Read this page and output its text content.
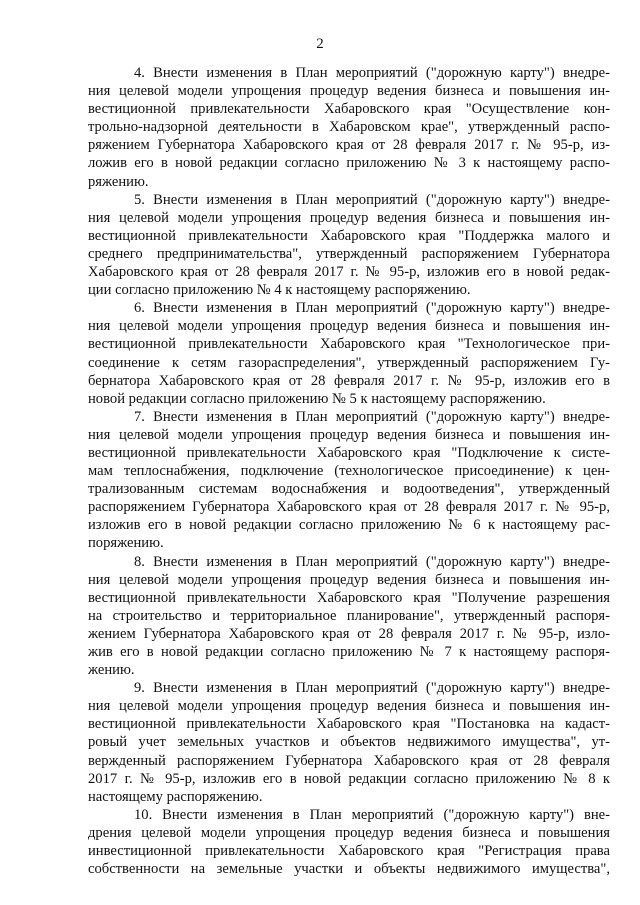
2
4. Внести изменения в План мероприятий ("дорожную карту") внедре-
ния целевой модели упрощения процедур ведения бизнеса и повышения ин-
вестиционной привлекательности Хабаровского края "Осуществление кон-
трольно-надзорной деятельности в Хабаровском крае", утвержденный распо-
ряжением Губернатора Хабаровского края от 28 февраля 2017 г. № 95-р, из-
ложив его в новой редакции согласно приложению № 3 к настоящему распо-
ряжению.
5. Внести изменения в План мероприятий ("дорожную карту") внедре-
ния целевой модели упрощения процедур ведения бизнеса и повышения ин-
вестиционной привлекательности Хабаровского края "Поддержка малого и
среднего предпринимательства", утвержденный распоряжением Губернатора
Хабаровского края от 28 февраля 2017 г. № 95-р, изложив его в новой редак-
ции согласно приложению № 4 к настоящему распоряжению.
6. Внести изменения в План мероприятий ("дорожную карту") внедре-
ния целевой модели упрощения процедур ведения бизнеса и повышения ин-
вестиционной привлекательности Хабаровского края "Технологическое при-
соединение к сетям газораспределения", утвержденный распоряжением Гу-
бернатора Хабаровского края от 28 февраля 2017 г. № 95-р, изложив его в
новой редакции согласно приложению № 5 к настоящему распоряжению.
7. Внести изменения в План мероприятий ("дорожную карту") внедре-
ния целевой модели упрощения процедур ведения бизнеса и повышения ин-
вестиционной привлекательности Хабаровского края "Подключение к систе-
мам теплоснабжения, подключение (технологическое присоединение) к цен-
трализованным системам водоснабжения и водоотведения", утвержденный
распоряжением Губернатора Хабаровского края от 28 февраля 2017 г. № 95-р,
изложив его в новой редакции согласно приложению № 6 к настоящему рас-
поряжению.
8. Внести изменения в План мероприятий ("дорожную карту") внедре-
ния целевой модели упрощения процедур ведения бизнеса и повышения ин-
вестиционной привлекательности Хабаровского края "Получение разрешения
на строительство и территориальное планирование", утвержденный распоря-
жением Губернатора Хабаровского края от 28 февраля 2017 г. № 95-р, изло-
жив его в новой редакции согласно приложению № 7 к настоящему распоря-
жению.
9. Внести изменения в План мероприятий ("дорожную карту") внедре-
ния целевой модели упрощения процедур ведения бизнеса и повышения ин-
вестиционной привлекательности Хабаровского края "Постановка на кадаст-
ровый учет земельных участков и объектов недвижимого имущества", ут-
вержденный распоряжением Губернатора Хабаровского края от 28 февраля
2017 г. № 95-р, изложив его в новой редакции согласно приложению № 8 к
настоящему распоряжению.
10. Внести изменения в План мероприятий ("дорожную карту") вне-
дрения целевой модели упрощения процедур ведения бизнеса и повышения
инвестиционной привлекательности Хабаровского края "Регистрация права
собственности на земельные участки и объекты недвижимого имущества",
